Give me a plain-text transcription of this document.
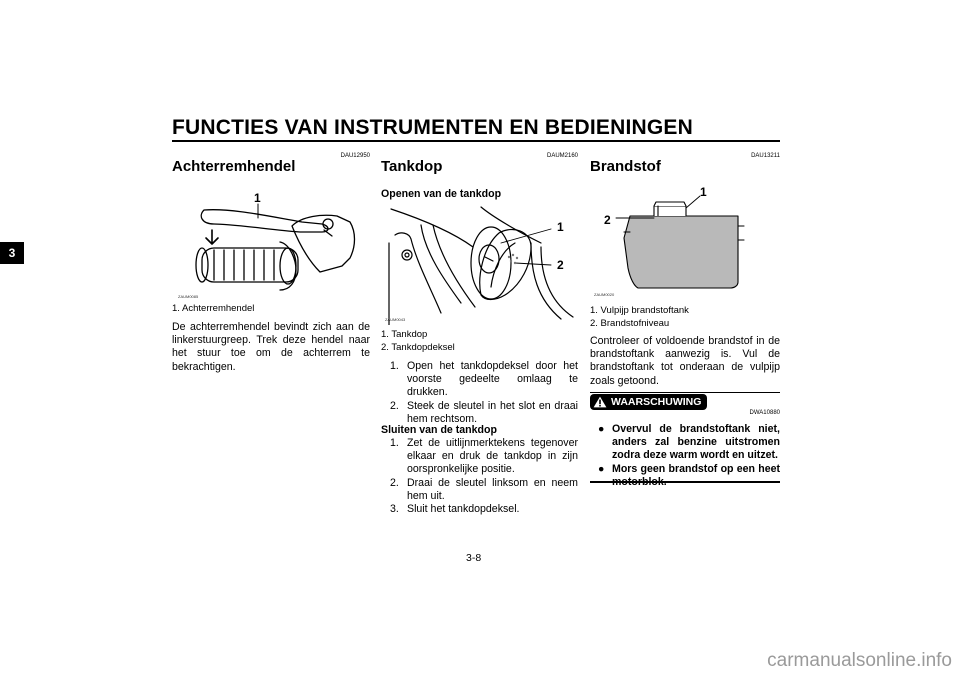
FUNCTIES VAN INSTRUMENTEN EN BEDIENINGEN
3
DAU12950
Achterremhendel
1
ZAUM0085
1. Achterremhendel
De achterremhendel bevindt zich aan de linkerstuurgreep. Trek deze hendel naar het stuur toe om de achterrem te bekrachtigen.
DAUM2160
Tankdop
Openen van de tankdop
1
2
ZAUM0043
1. Tankdop
2. Tankdopdeksel
1. Open het tankdopdeksel door het voorste gedeelte omlaag te drukken.
2. Steek de sleutel in het slot en draai hem rechtsom.
Sluiten van de tankdop
1. Zet de uitlijnmerktekens tegenover elkaar en druk de tankdop in zijn oorspronkelijke positie.
2. Draai de sleutel linksom en neem hem uit.
3. Sluit het tankdopdeksel.
DAU13211
Brandstof
1
2
ZAUM0020
1. Vulpijp brandstoftank
2. Brandstofniveau
Controleer of voldoende brandstof in de brandstoftank aanwezig is. Vul de brandstoftank tot onderaan de vulpijp zoals getoond.
WAARSCHUWING
DWA10880
● Overvul de brandstoftank niet, anders zal benzine uitstromen zodra deze warm wordt en uitzet.
● Mors geen brandstof op een heet
3-8
carmanualsonline.info
